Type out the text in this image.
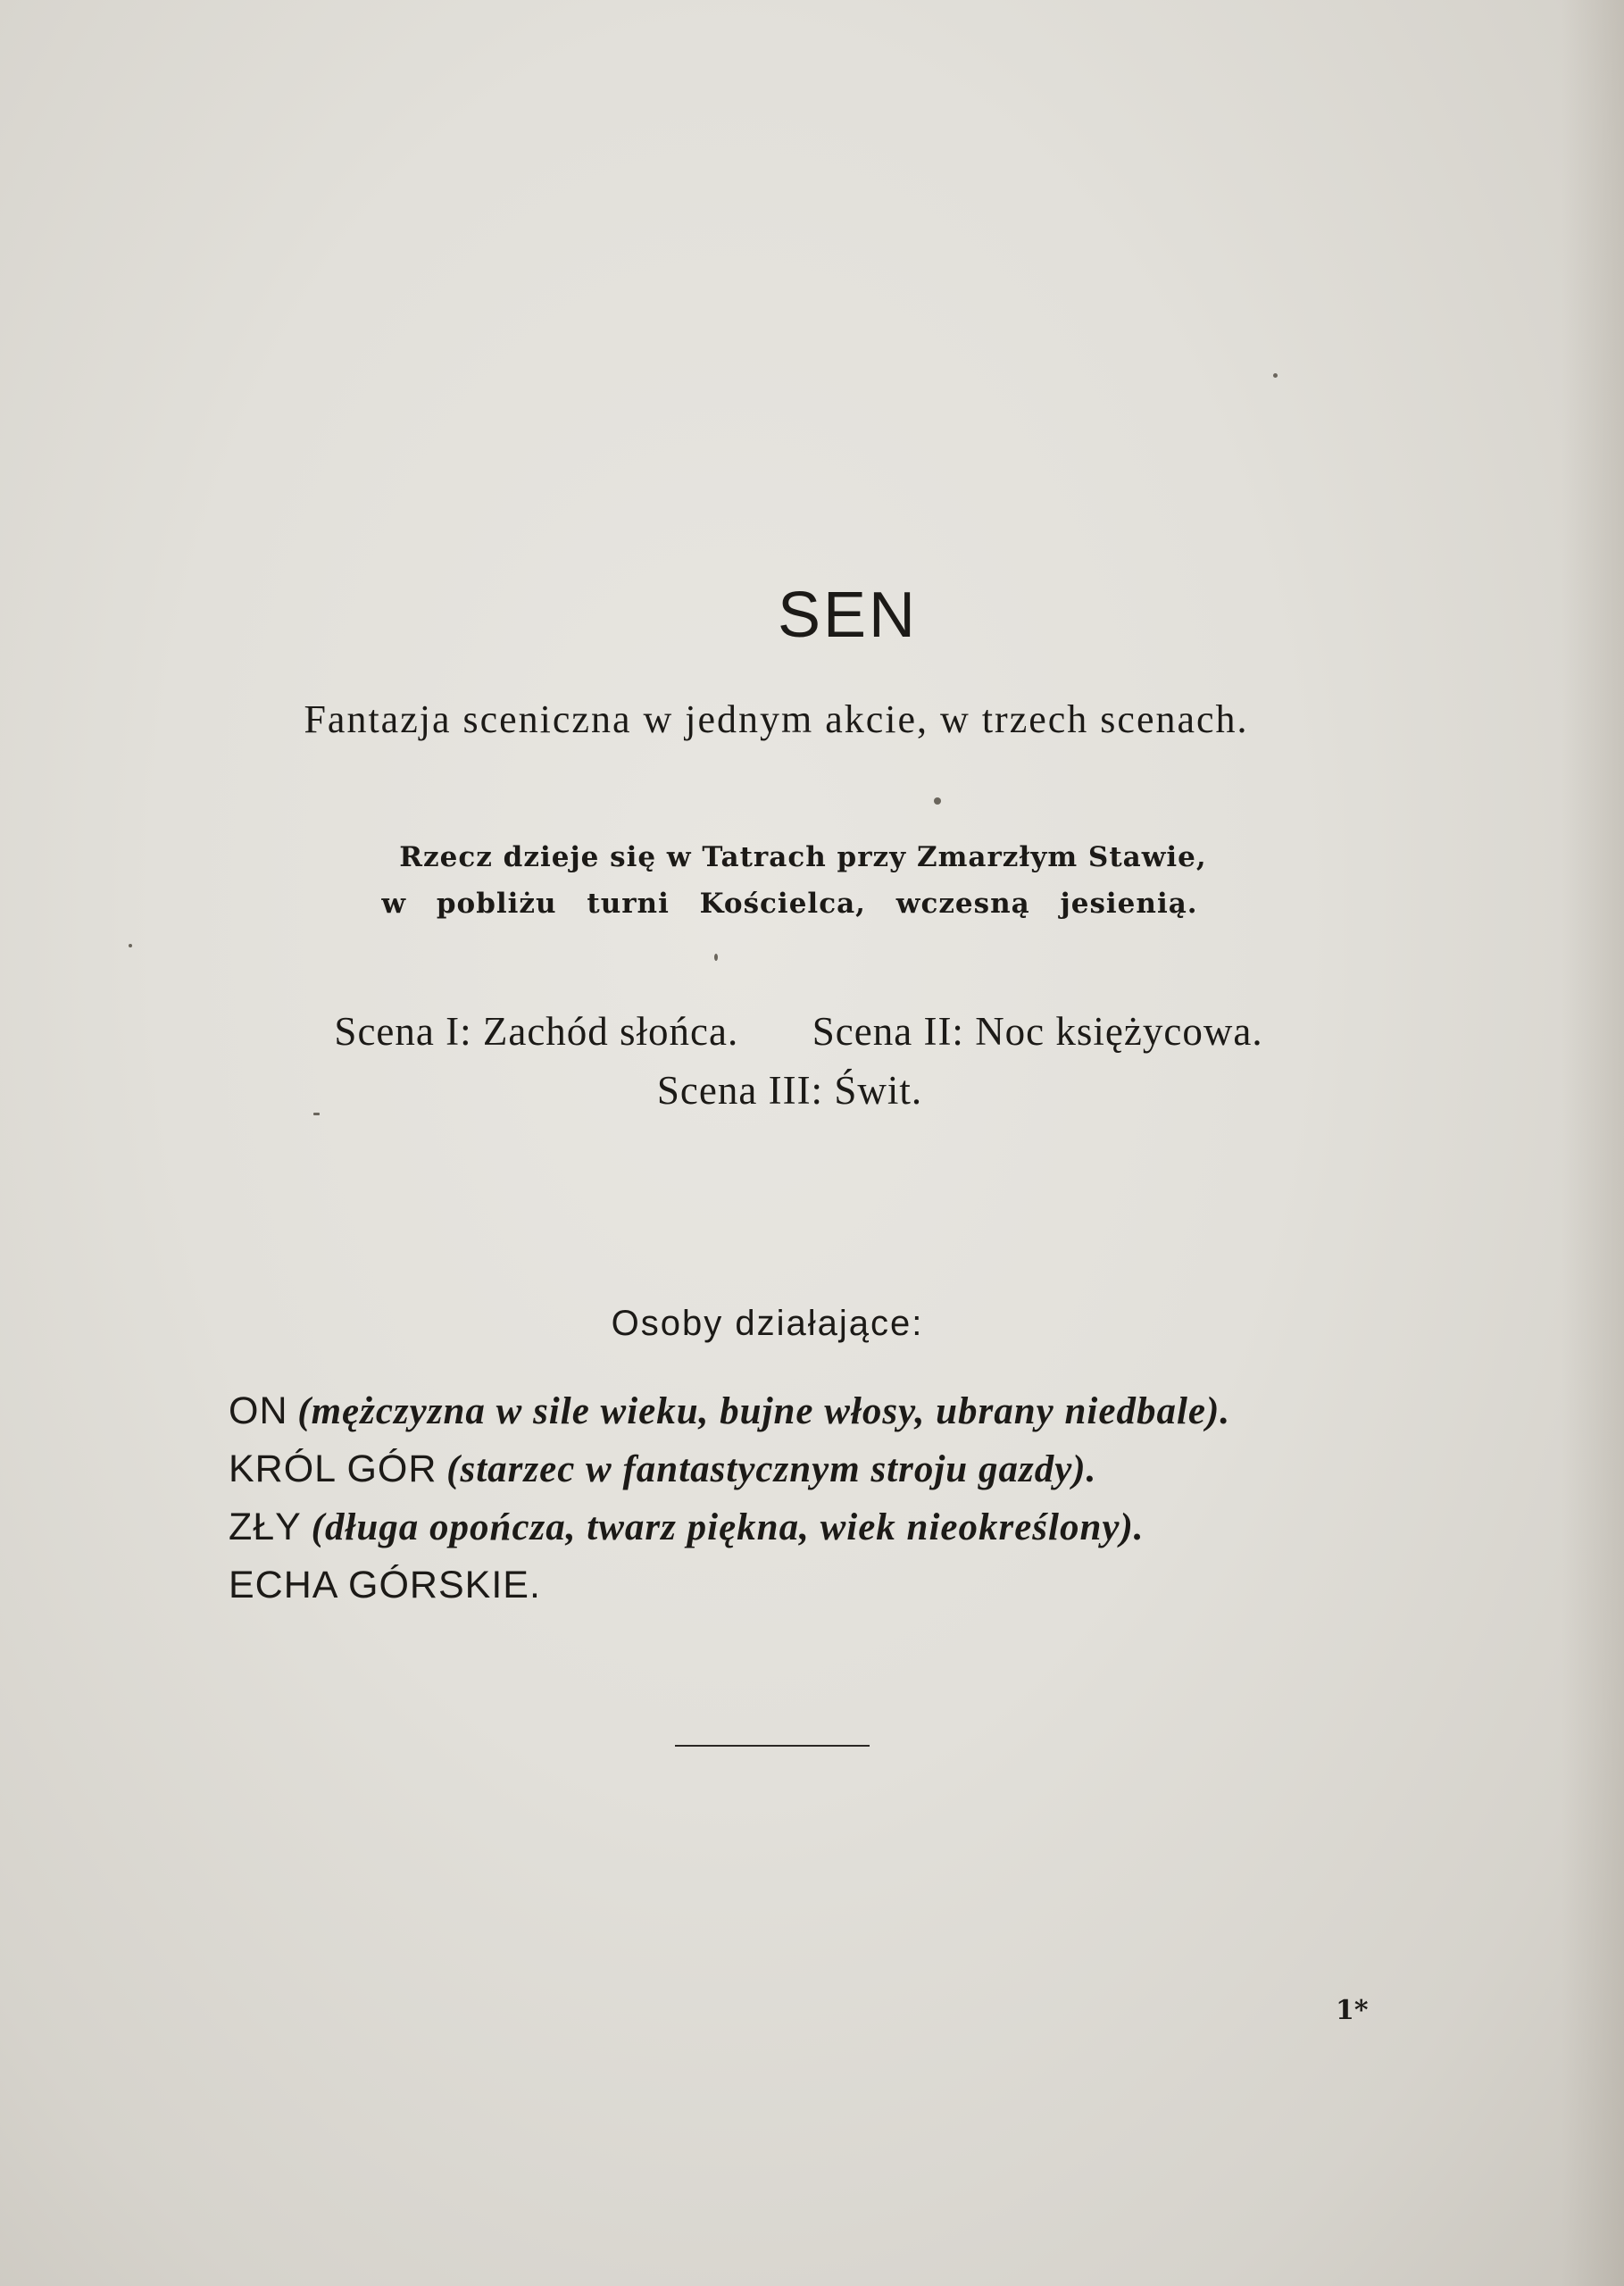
SEN
Fantazja sceniczna w jednym akcie, w trzech scenach.
Rzecz dzieje się w Tatrach przy Zmarzłym Stawie,
w pobliżu turni Kościelca, wczesną jesienią.
Scena I: Zachód słońca. Scena II: Noc księżycowa.
Scena III: Świt.
Osoby działające:
ON (mężczyzna w sile wieku, bujne włosy, ubrany niedbale).
KRÓL GÓR (starzec w fantastycznym stroju gazdy).
ZŁY (długa opończa, twarz piękna, wiek nieokreślony).
ECHA GÓRSKIE.
1*
